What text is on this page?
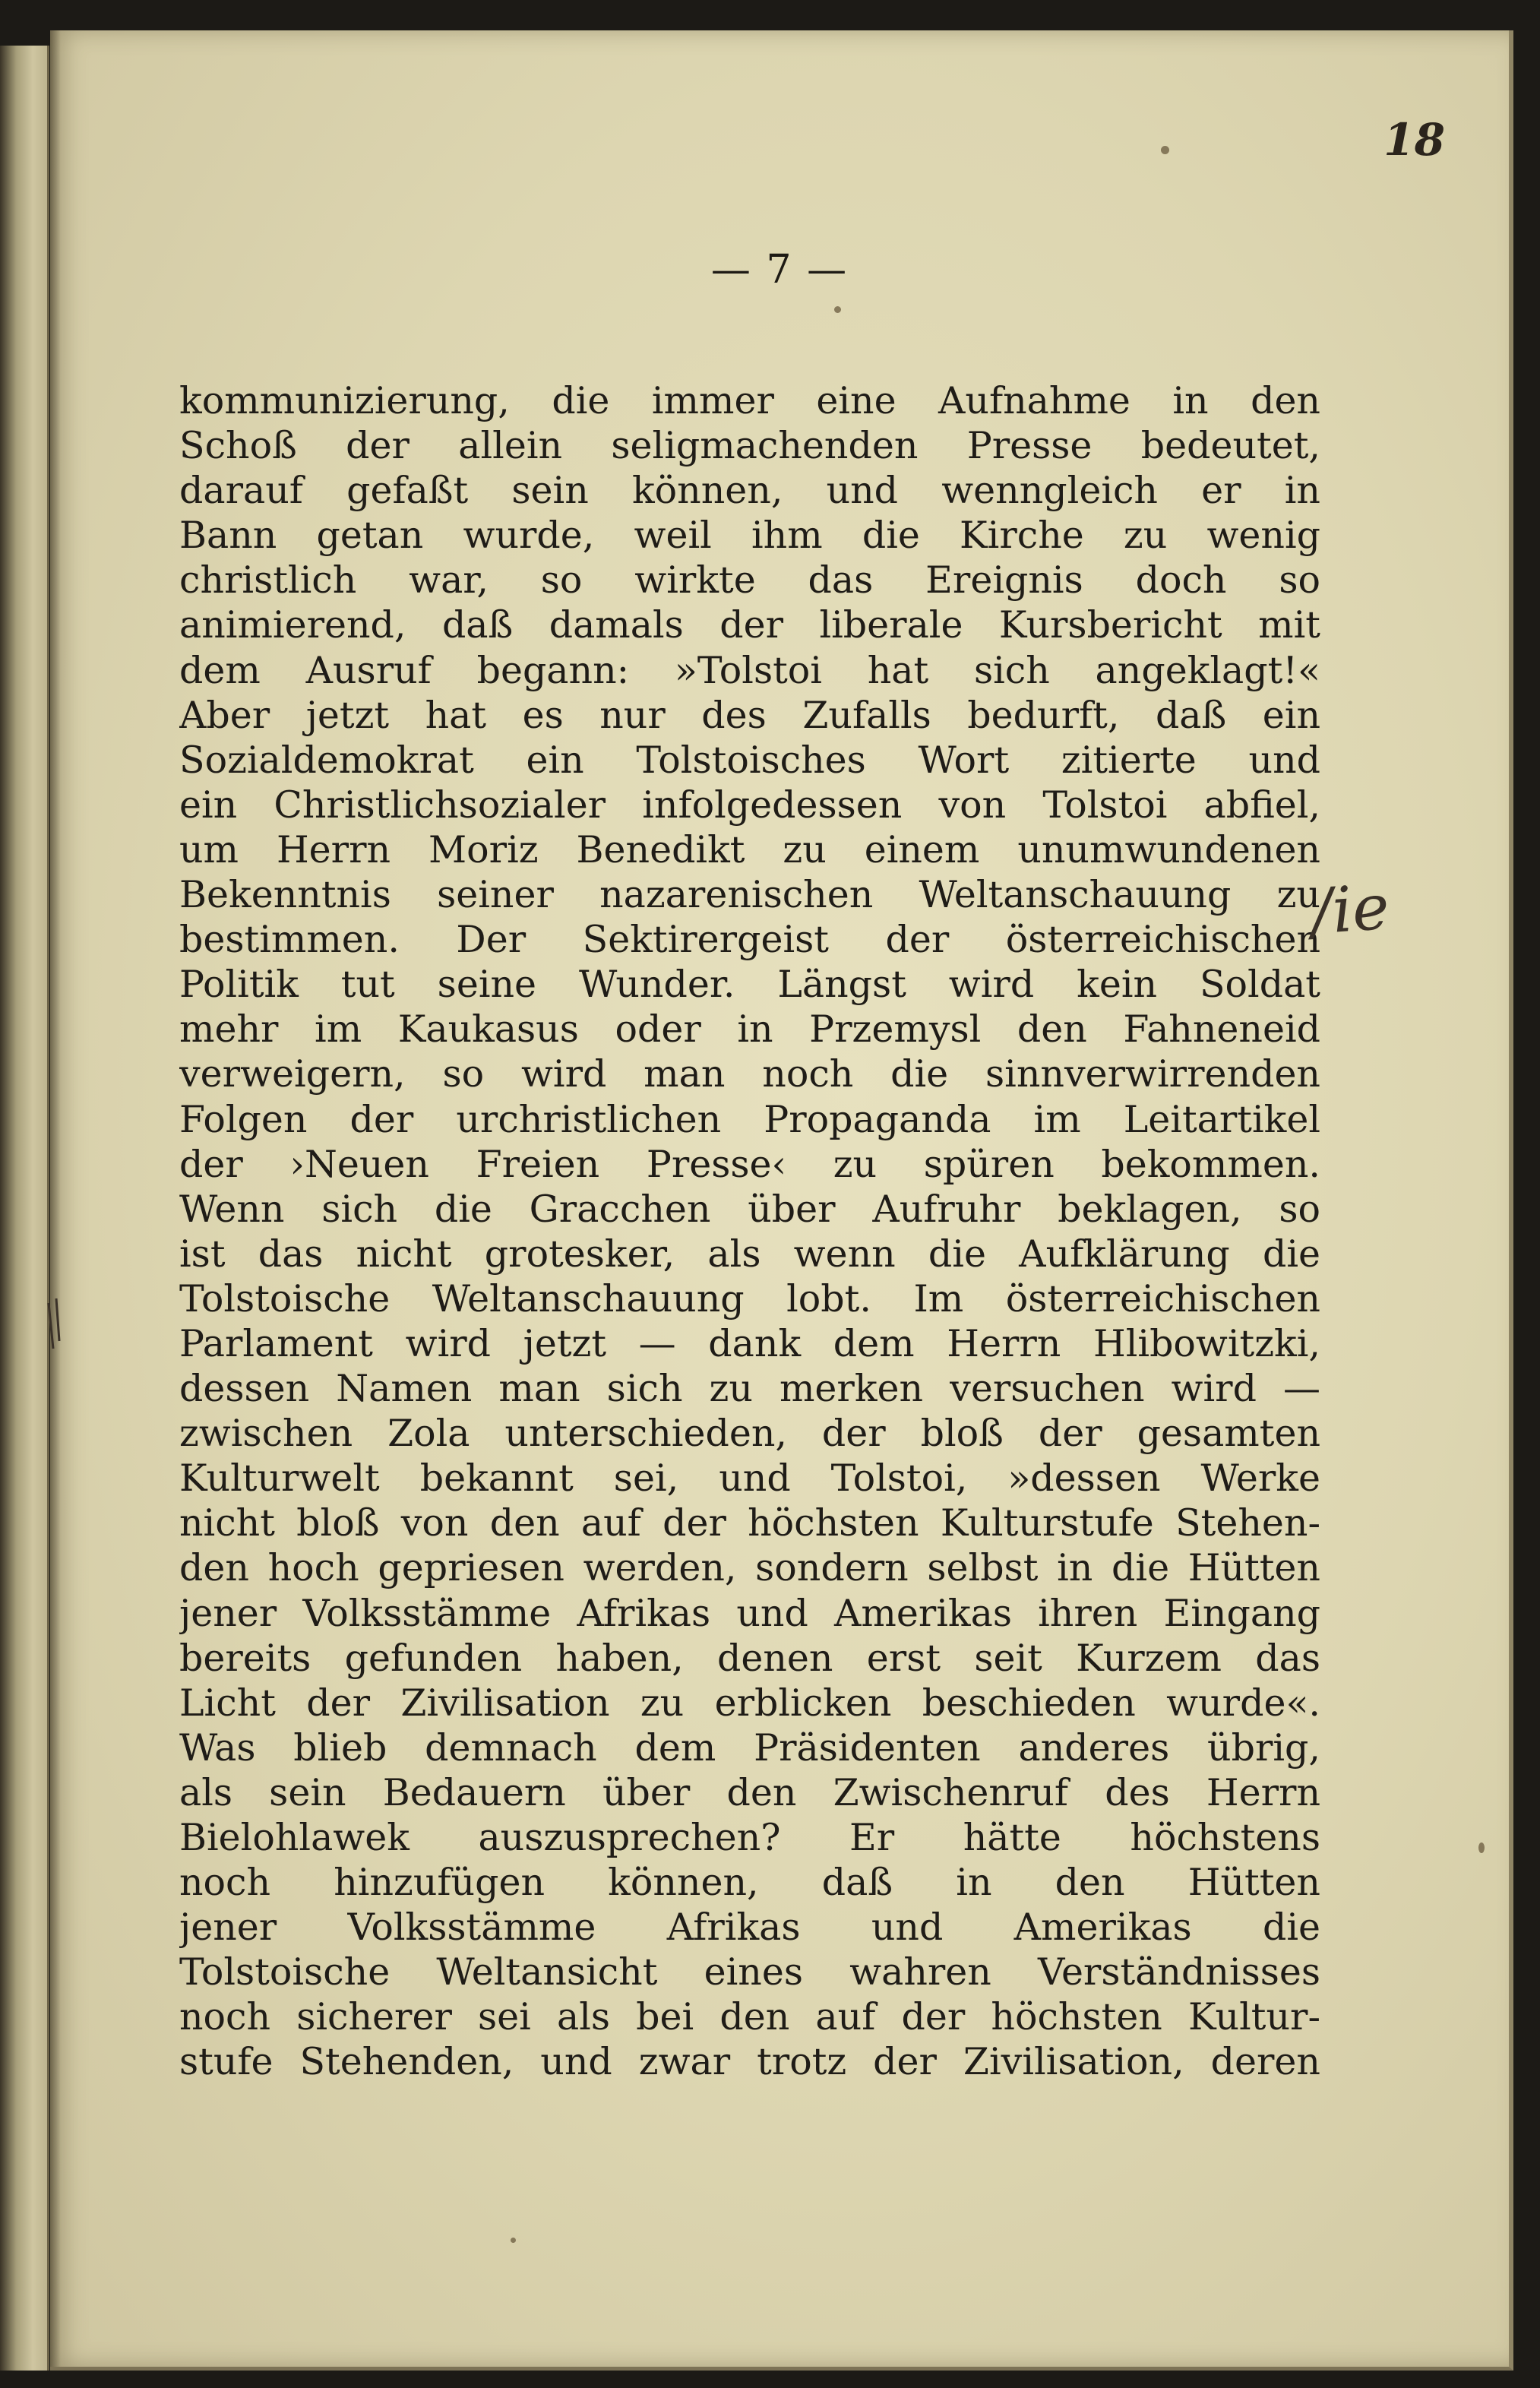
18
— 7 —
kommunizierung, die immer eine Aufnahme in den
Schoß der allein seligmachenden Presse bedeutet,
darauf gefaßt sein können, und wenngleich er in
Bann getan wurde, weil ihm die Kirche zu wenig
christlich war, so wirkte das Ereignis doch so
animierend, daß damals der liberale Kursbericht mit
dem Ausruf begann: »Tolstoi hat sich angeklagt!«
Aber jetzt hat es nur des Zufalls bedurft, daß ein
Sozialdemokrat ein Tolstoisches Wort zitierte und
ein Christlichsozialer infolgedessen von Tolstoi abfiel,
um Herrn Moriz Benedikt zu einem unumwundenen
Bekenntnis seiner nazarenischen Weltanschauung zu
bestimmen. Der Sektirergeist der österreichischen
Politik tut seine Wunder. Längst wird kein Soldat
mehr im Kaukasus oder in Przemysl den Fahneneid
verweigern, so wird man noch die sinnverwirrenden
Folgen der urchristlichen Propaganda im Leitartikel
der ›Neuen Freien Presse‹ zu spüren bekommen.
Wenn sich die Gracchen über Aufruhr beklagen, so
ist das nicht grotesker, als wenn die Aufklärung die
Tolstoische Weltanschauung lobt. Im österreichischen
Parlament wird jetzt — dank dem Herrn Hlibowitzki,
dessen Namen man sich zu merken versuchen wird —
zwischen Zola unterschieden, der bloß der gesamten
Kulturwelt bekannt sei, und Tolstoi, »dessen Werke
nicht bloß von den auf der höchsten Kulturstufe Stehen-
den hoch gepriesen werden, sondern selbst in die Hütten
jener Volksstämme Afrikas und Amerikas ihren Eingang
bereits gefunden haben, denen erst seit Kurzem das
Licht der Zivilisation zu erblicken beschieden wurde«.
Was blieb demnach dem Präsidenten anderes übrig,
als sein Bedauern über den Zwischenruf des Herrn
Bielohlawek auszusprechen? Er hätte höchstens
noch hinzufügen können, daß in den Hütten
jener Volksstämme Afrikas und Amerikas die
Tolstoische Weltansicht eines wahren Verständnisses
noch sicherer sei als bei den auf der höchsten Kultur-
stufe Stehenden, und zwar trotz der Zivilisation, deren
/ie
